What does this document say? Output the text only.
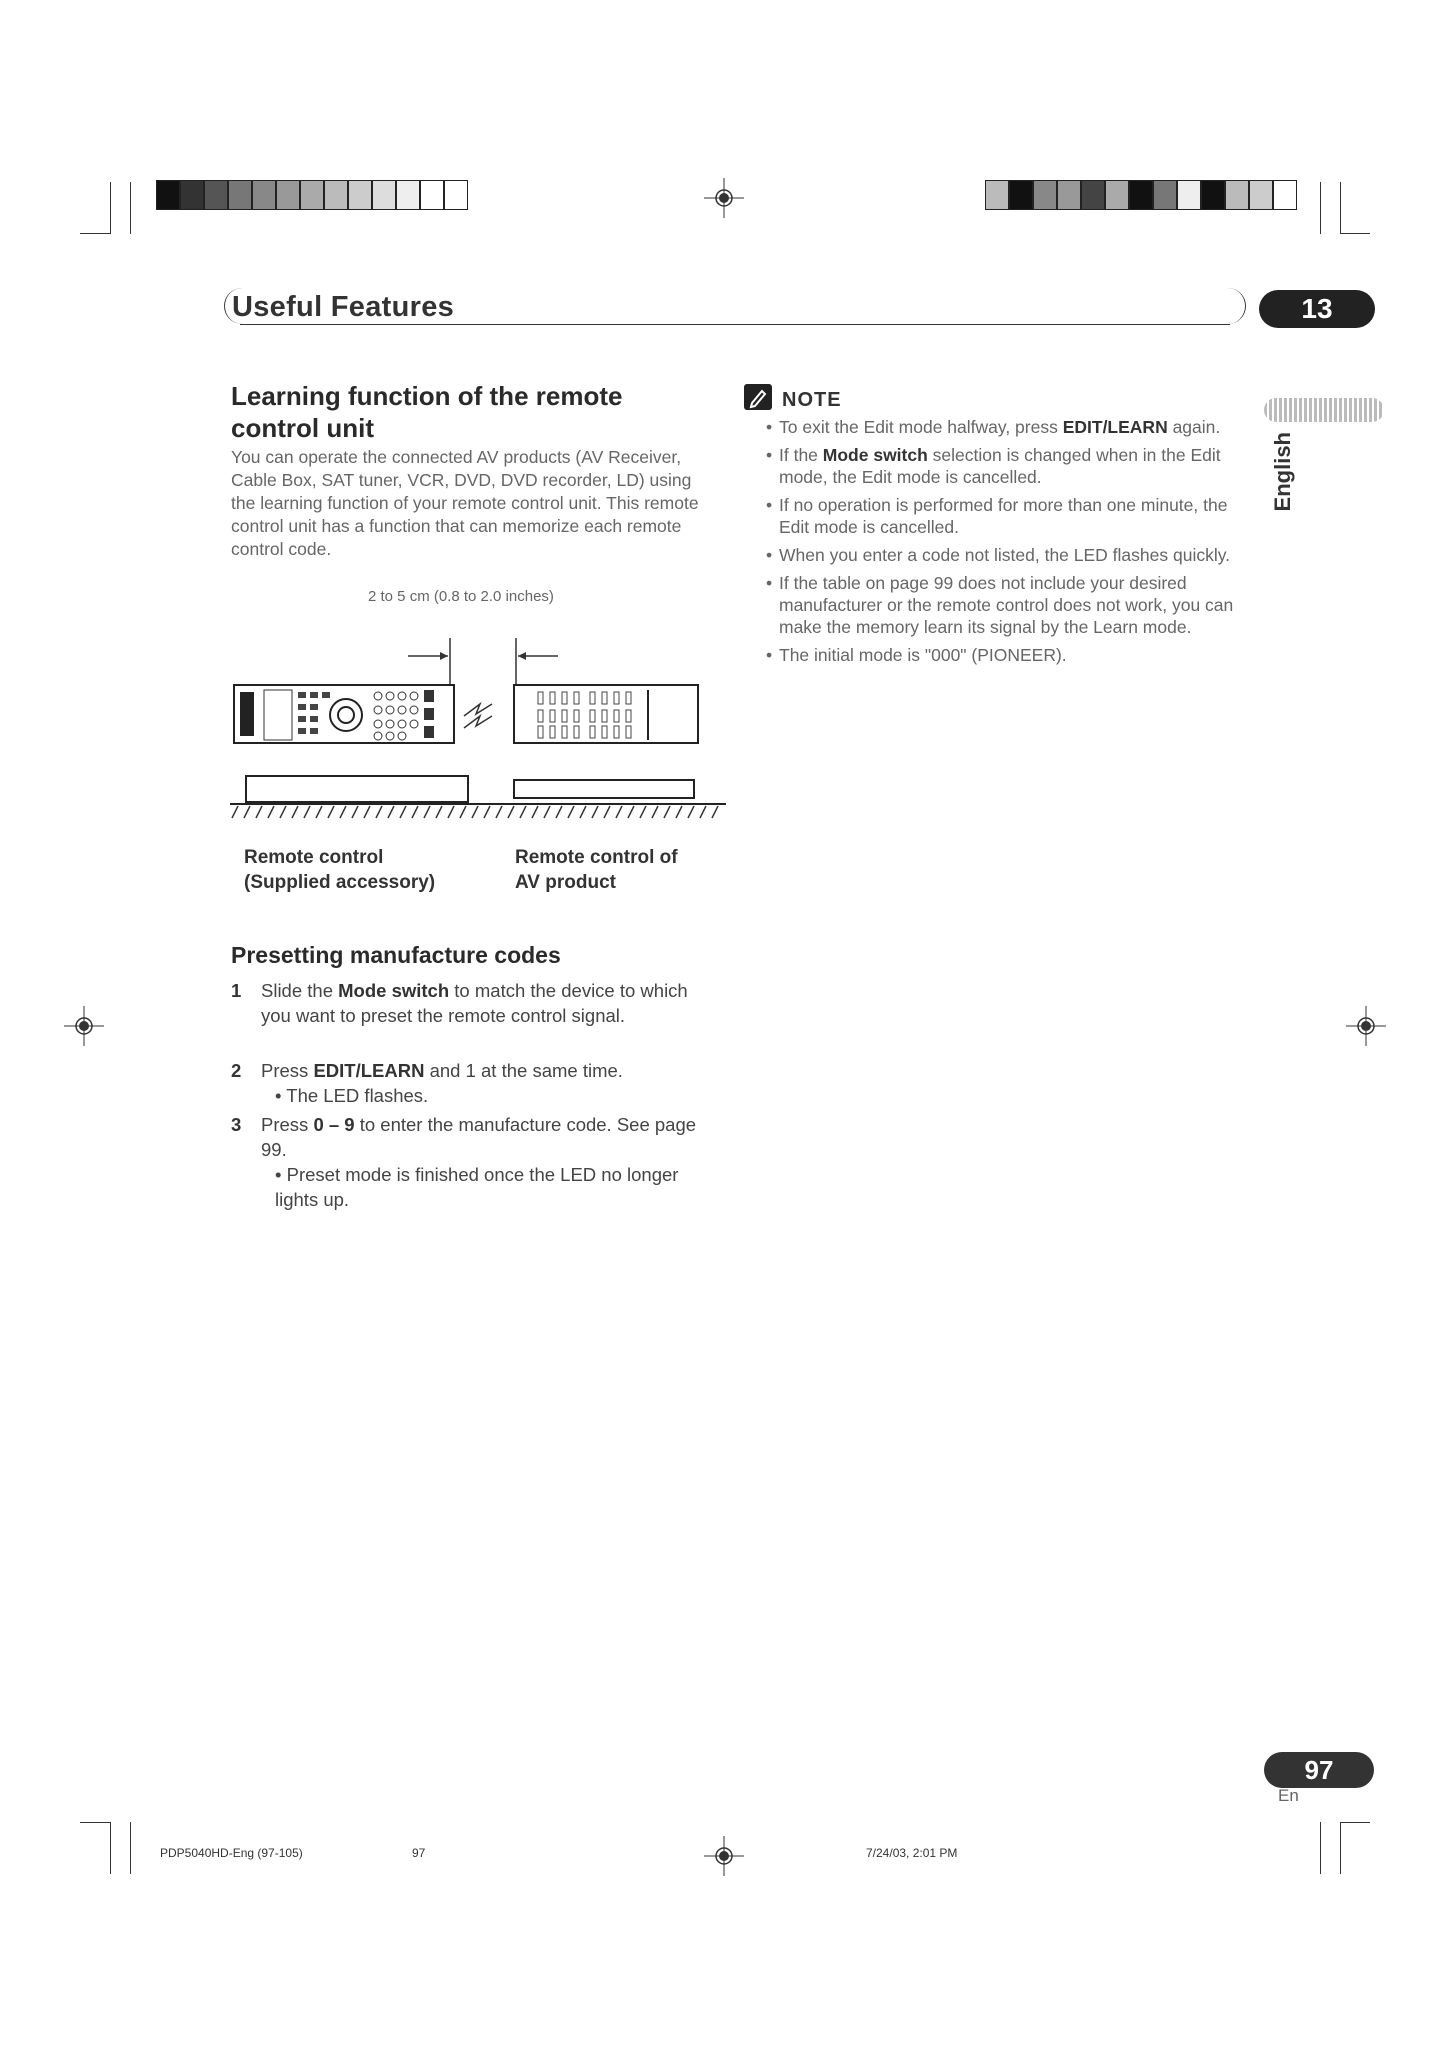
Useful Features	13
Learning function of the remote control unit
You can operate the connected AV products (AV Receiver, Cable Box, SAT tuner, VCR, DVD, DVD recorder, LD) using the learning function of your remote control unit. This remote control unit has a function that can memorize each remote control code.
2 to 5 cm (0.8 to 2.0 inches)
Remote control
(Supplied accessory)
Remote control of
AV product
Presetting manufacture codes
1 Slide the Mode switch to match the device to which you want to preset the remote control signal.
2 Press EDIT/LEARN and 1 at the same time.
• The LED flashes.
3 Press 0 – 9 to enter the manufacture code. See page 99.
• Preset mode is finished once the LED no longer lights up.
NOTE
• To exit the Edit mode halfway, press EDIT/LEARN again.
• If the Mode switch selection is changed when in the Edit mode, the Edit mode is cancelled.
• If no operation is performed for more than one minute, the Edit mode is cancelled.
• When you enter a code not listed, the LED flashes quickly.
• If the table on page 99 does not include your desired manufacturer or the remote control does not work, you can make the memory learn its signal by the Learn mode.
• The initial mode is "000" (PIONEER).
English
97
En
PDP5040HD-Eng (97-105)	97	7/24/03, 2:01 PM
